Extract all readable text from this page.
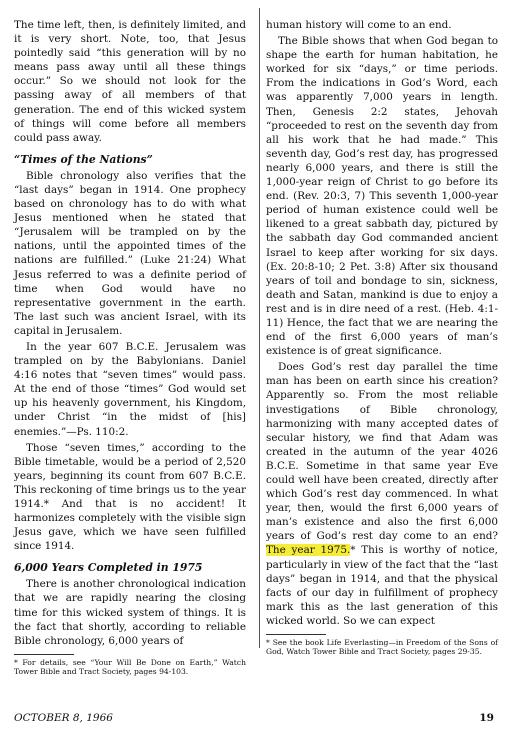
The time left, then, is definitely limited, and it is very short. Note, too, that Jesus pointedly said “this generation will by no means pass away until all these things occur.” So we should not look for the passing away of all members of that generation. The end of this wicked system of things will come before all members could pass away.

“Times of the Nations”

Bible chronology also verifies that the “last days” began in 1914. One prophecy based on chronology has to do with what Jesus mentioned when he stated that “Jerusalem will be trampled on by the nations, until the appointed times of the nations are fulfilled.” (Luke 21:24) What Jesus referred to was a definite period of time when God would have no representative government in the earth. The last such was ancient Israel, with its capital in Jerusalem.

In the year 607 B.C.E. Jerusalem was trampled on by the Babylonians. Daniel 4:16 notes that “seven times” would pass. At the end of those “times” God would set up his heavenly government, his Kingdom, under Christ “in the midst of [his] enemies.”—Ps. 110:2.

Those “seven times,” according to the Bible timetable, would be a period of 2,520 years, beginning its count from 607 B.C.E. This reckoning of time brings us to the year 1914.* And that is no accident! It harmonizes completely with the visible sign Jesus gave, which we have seen fulfilled since 1914.

6,000 Years Completed in 1975

There is another chronological indication that we are rapidly nearing the closing time for this wicked system of things. It is the fact that shortly, according to reliable Bible chronology, 6,000 years of

* For details, see “Your Will Be Done on Earth,” Watch Tower Bible and Tract Society, pages 94-103.

human history will come to an end.

The Bible shows that when God began to shape the earth for human habitation, he worked for six “days,” or time periods. From the indications in God’s Word, each was apparently 7,000 years in length. Then, Genesis 2:2 states, Jehovah “proceeded to rest on the seventh day from all his work that he had made.” This seventh day, God’s rest day, has progressed nearly 6,000 years, and there is still the 1,000-year reign of Christ to go before its end. (Rev. 20:3, 7) This seventh 1,000-year period of human existence could well be likened to a great sabbath day, pictured by the sabbath day God commanded ancient Israel to keep after working for six days. (Ex. 20:8-10; 2 Pet. 3:8) After six thousand years of toil and bondage to sin, sickness, death and Satan, mankind is due to enjoy a rest and is in dire need of a rest. (Heb. 4:1-11) Hence, the fact that we are nearing the end of the first 6,000 years of man’s existence is of great significance.

Does God’s rest day parallel the time man has been on earth since his creation? Apparently so. From the most reliable investigations of Bible chronology, harmonizing with many accepted dates of secular history, we find that Adam was created in the autumn of the year 4026 B.C.E. Sometime in that same year Eve could well have been created, directly after which God’s rest day commenced. In what year, then, would the first 6,000 years of man’s existence and also the first 6,000 years of God’s rest day come to an end? The year 1975.* This is worthy of notice, particularly in view of the fact that the “last days” began in 1914, and that the physical facts of our day in fulfillment of prophecy mark this as the last generation of this wicked world. So we can expect

* See the book Life Everlasting—in Freedom of the Sons of God, Watch Tower Bible and Tract Society, pages 29-35.

OCTOBER 8, 1966	19
